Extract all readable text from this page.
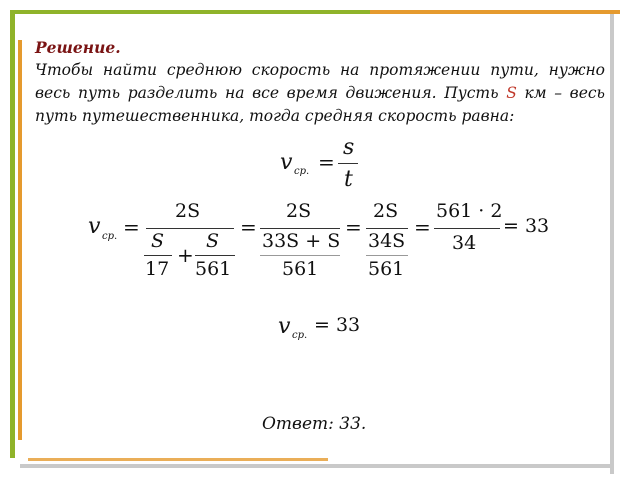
Решение.
Чтобы найти среднюю скорость на протяжении пути, нужно весь путь разделить на все время движения. Пусть S км – весь путь путешественника, тогда средняя скорость равна:
v ср. =
s
t
v ср. =
2S
S
17
+
S
561
=
2S
33S + S
561
=
2S
34S
561
=
561 · 2
34
= 33
v ср. = 33
Ответ: 33.
